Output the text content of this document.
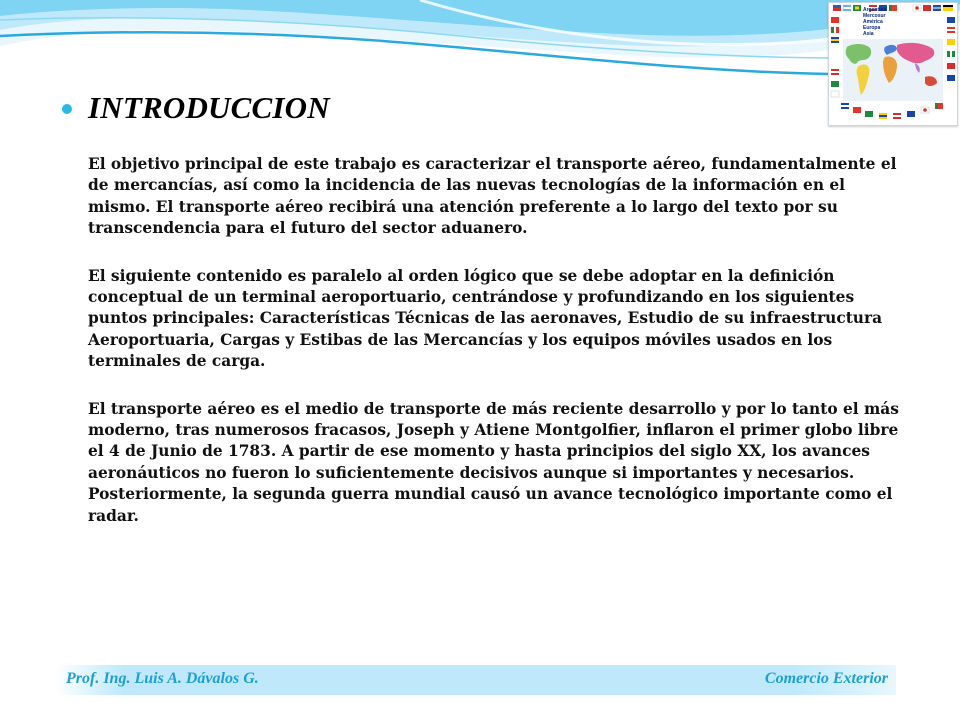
Argentina
Mercosur
América
Europa
Asia
INTRODUCCION

El objetivo principal de este trabajo es caracterizar el transporte aéreo, fundamentalmente el de mercancías, así como la incidencia de las nuevas tecnologías de la información en el mismo. El transporte aéreo recibirá una atención preferente a lo largo del texto por su transcendencia para el futuro del sector aduanero.

El siguiente contenido es paralelo al orden lógico que se debe adoptar en la definición conceptual de un terminal aeroportuario, centrándose y profundizando en los siguientes puntos principales: Características Técnicas de las aeronaves, Estudio de su infraestructura Aeroportuaria, Cargas y Estibas de las Mercancías y los equipos móviles usados en los terminales de carga.

El transporte aéreo es el medio de transporte de más reciente desarrollo y por lo tanto el más moderno, tras numerosos fracasos, Joseph y Atiene Montgolfier, inflaron el primer globo libre el 4 de Junio de 1783. A partir de ese momento y hasta principios del siglo XX, los avances aeronáuticos no fueron lo suficientemente decisivos aunque si importantes y necesarios. Posteriormente, la segunda guerra mundial causó un avance tecnológico importante como el radar.

Prof. Ing. Luis A. Dávalos G.	Comercio Exterior
